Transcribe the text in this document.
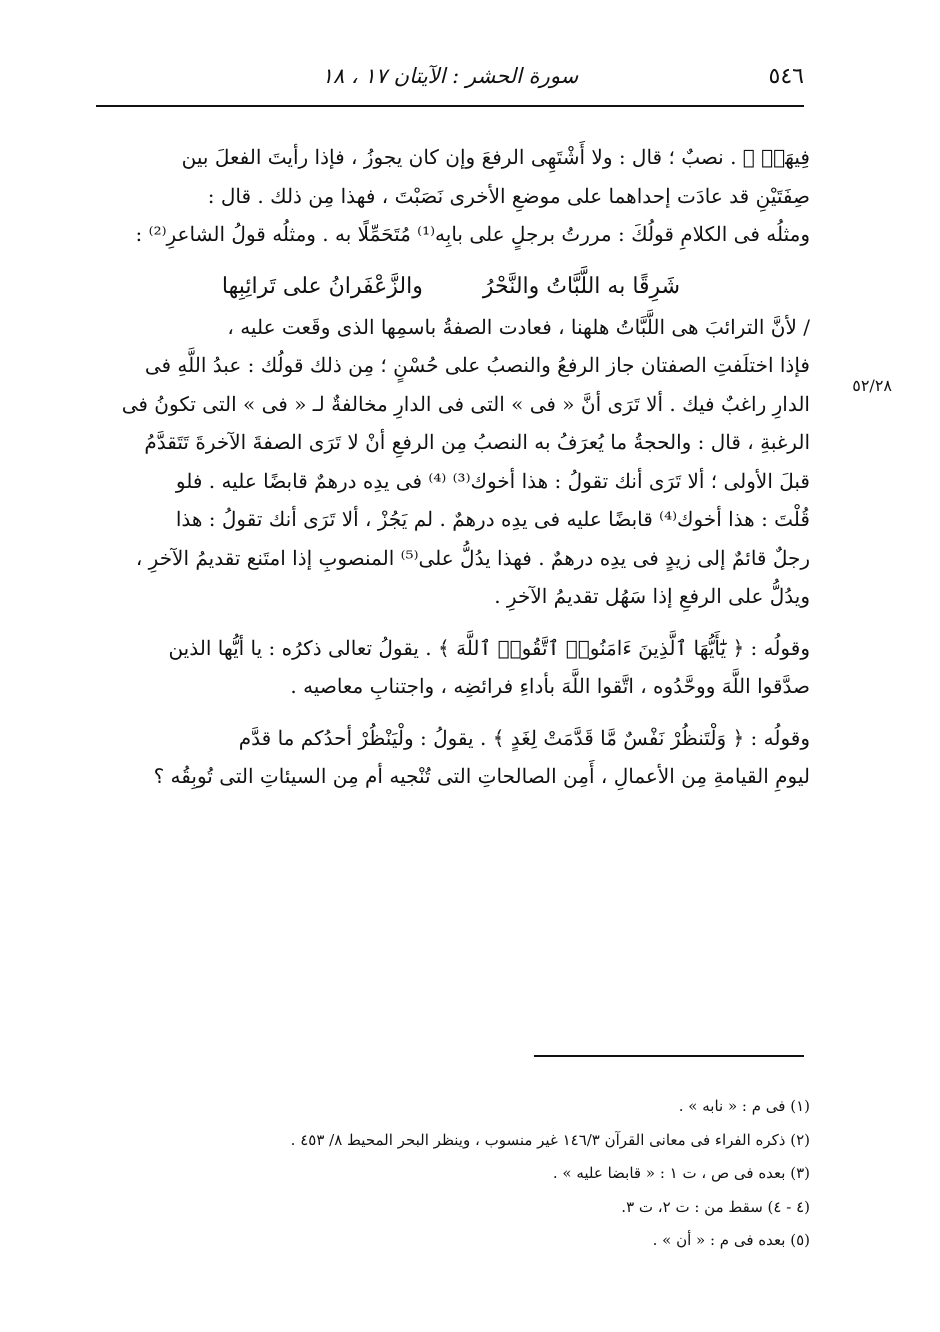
٥٤٦
سورة الحشر : الآيتان ١٧ ، ١٨
٥٢/٢٨

فِيهَاۚ ﴾ . نصبٌ ؛ قال : ولا أَشْتَهِى الرفعَ وإن كان يجوزُ ، فإذا رأيتَ الفعلَ بين

صِفَتَيْنِ قد عادَت إحداهما على موضعِ الأخرى نَصَبْتَ ، فهذا مِن ذلك . قال :

ومثلُه فى الكلامِ قولُكَ : مررتُ برجلٍ على بابِه⁽¹⁾ مُتَحَمِّلًا به . ومثلُه قولُ الشاعرِ⁽²⁾ :

شَرِقًا به اللَّبَّاتُ والنَّحْرُ
والزَّعْفَرانُ على تَرائِبِها

/ لأنَّ الترائبَ هى اللَّبَّاتُ هلهنا ، فعادت الصفةُ باسمِها الذى وقَعت عليه ،

فإذا اختلَفتِ الصفتان جاز الرفعُ والنصبُ على حُسْنٍ ؛ مِن ذلك قولُك : عبدُ اللَّهِ فى

الدارِ راغبٌ فيك . ألا تَرَى أنَّ « فى » التى فى الدارِ مخالفةٌ لـ « فى » التى تكونُ فى

الرغبةِ ، قال : والحجةُ ما يُعرَفُ به النصبُ مِن الرفعِ أنْ لا تَرَى الصفةَ الآخرةَ تَتَقدَّمُ

قبلَ الأولى ؛ ألا تَرَى أنك تقولُ : هذا أخوك⁽³⁾ ⁽⁴⁾ فى يدِه درهمٌ قابضًا عليه . فلو

قُلْتَ : هذا أخوك⁽⁴⁾ قابضًا عليه فى يدِه درهمٌ . لم يَجُزْ ، ألا تَرَى أنك تقولُ : هذا

رجلٌ قائمٌ إلى زيدٍ فى يدِه درهمٌ . فهذا يدُلُّ على⁽⁵⁾ المنصوبِ إذا امتَنع تقديمُ الآخرِ ،

ويدُلُّ على الرفعِ إذا سَهُل تقديمُ الآخرِ .

وقولُه : ﴿ يَٰٓأَيُّهَا ٱلَّذِينَ ءَامَنُوا۟ ٱتَّقُوا۟ ٱللَّهَ ﴾ . يقولُ تعالى ذكرُه : يا أيُّها الذين

صدَّقوا اللَّهَ ووحَّدُوه ، اتَّقوا اللَّهَ بأداءِ فرائضِه ، واجتنابِ معاصيه .

وقولُه : ﴿ وَلْتَنظُرْ نَفْسٌ مَّا قَدَّمَتْ لِغَدٍ ﴾ . يقولُ : ولْيَنْظُرْ أحدُكم ما قدَّم

ليومِ القيامةِ مِن الأعمالِ ، أَمِن الصالحاتِ التى تُنْجيه أم مِن السيئاتِ التى تُوبِقُه ؟

(١) فى م : « نابه » .
(٢) ذكره الفراء فى معانى القرآن ١٤٦/٣ غير منسوب ، وينظر البحر المحيط ٨/ ٤٥٣ .
(٣) بعده فى ص ، ت ١ : « قابضا عليه » .
(٤ - ٤) سقط من : ت ٢، ت ٣.
(٥) بعده فى م : « أن » .
